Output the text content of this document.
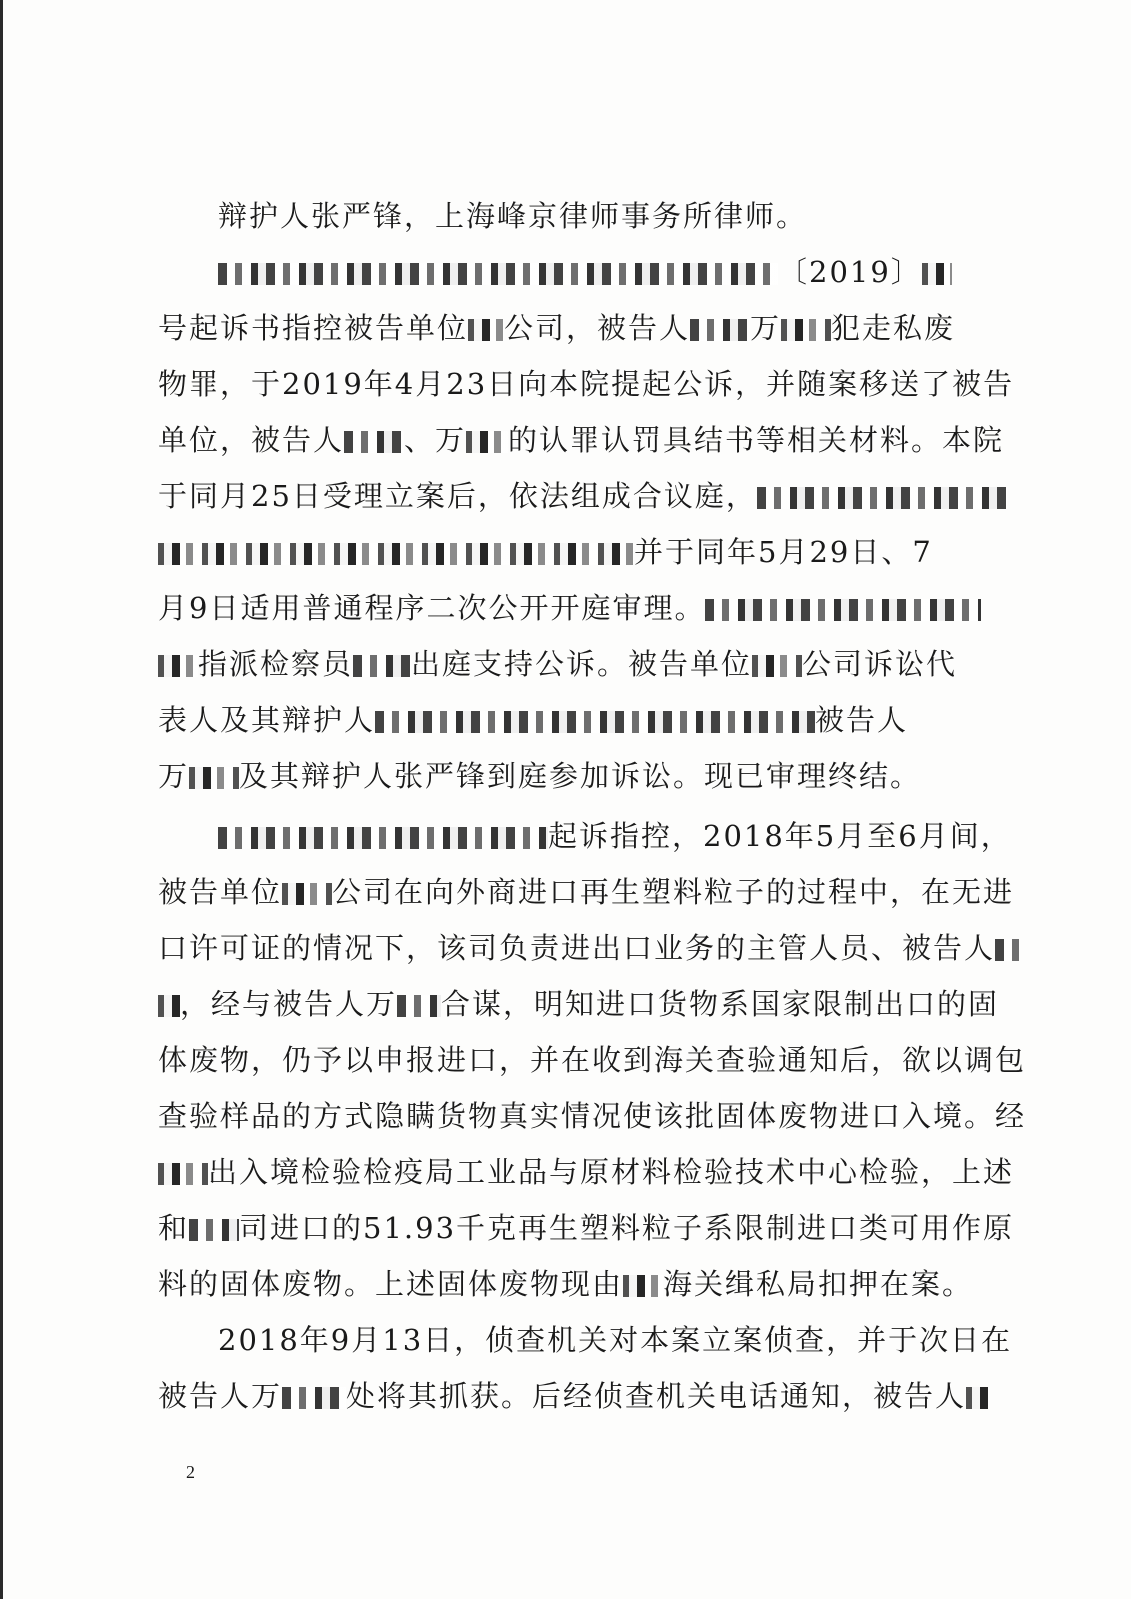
辩护人张严锋，上海峰京律师事务所律师。
〔2019〕
号起诉书指控被告单位 公司，被告人 万 犯走私废
物罪，于2019年4月23日向本院提起公诉，并随案移送了被告
单位，被告人 、万 的认罪认罚具结书等相关材料。本院
于同月25日受理立案后，依法组成合议庭，
并于同年5月29日、7
月9日适用普通程序二次公开开庭审理。
指派检察员 出庭支持公诉。被告单位 公司诉讼代
表人及其辩护人	被告人
万 及其辩护人张严锋到庭参加诉讼。现已审理终结。
起诉指控，2018年5月至6月间，
被告单位 公司在向外商进口再生塑料粒子的过程中，在无进
口许可证的情况下，该司负责进出口业务的主管人员、被告人
，经与被告人万 合谋，明知进口货物系国家限制出口的固
体废物，仍予以申报进口，并在收到海关查验通知后，欲以调包
查验样品的方式隐瞒货物真实情况使该批固体废物进口入境。经
出入境检验检疫局工业品与原材料检验技术中心检验，上述
和 司进口的51.93千克再生塑料粒子系限制进口类可用作原
料的固体废物。上述固体废物现由 海关缉私局扣押在案。
2018年9月13日，侦查机关对本案立案侦查，并于次日在
被告人万 处将其抓获。后经侦查机关电话通知，被告人
2
